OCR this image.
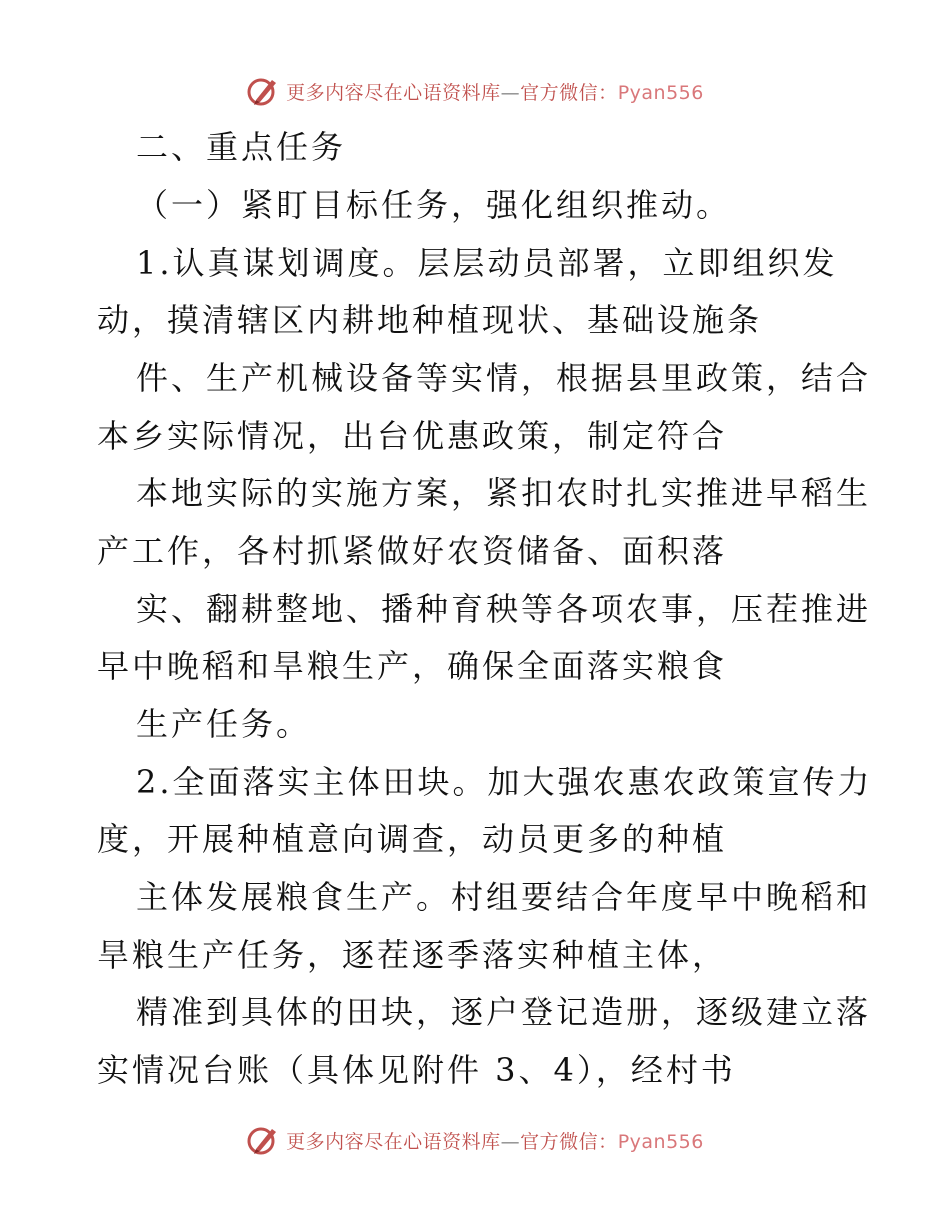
更多内容尽在心语资料库—官方微信：Pyan556
二、重点任务
（一）紧盯目标任务，强化组织推动。
1.认真谋划调度。层层动员部署，立即组织发
动，摸清辖区内耕地种植现状、基础设施条
件、生产机械设备等实情，根据县里政策，结合
本乡实际情况，出台优惠政策，制定符合
本地实际的实施方案，紧扣农时扎实推进早稻生
产工作，各村抓紧做好农资储备、面积落
实、翻耕整地、播种育秧等各项农事，压茬推进
早中晚稻和旱粮生产，确保全面落实粮食
生产任务。
2.全面落实主体田块。加大强农惠农政策宣传力
度，开展种植意向调查，动员更多的种植
主体发展粮食生产。村组要结合年度早中晚稻和
旱粮生产任务，逐茬逐季落实种植主体，
精准到具体的田块，逐户登记造册，逐级建立落
实情况台账（具体见附件 3、4），经村书
更多内容尽在心语资料库—官方微信：Pyan556
